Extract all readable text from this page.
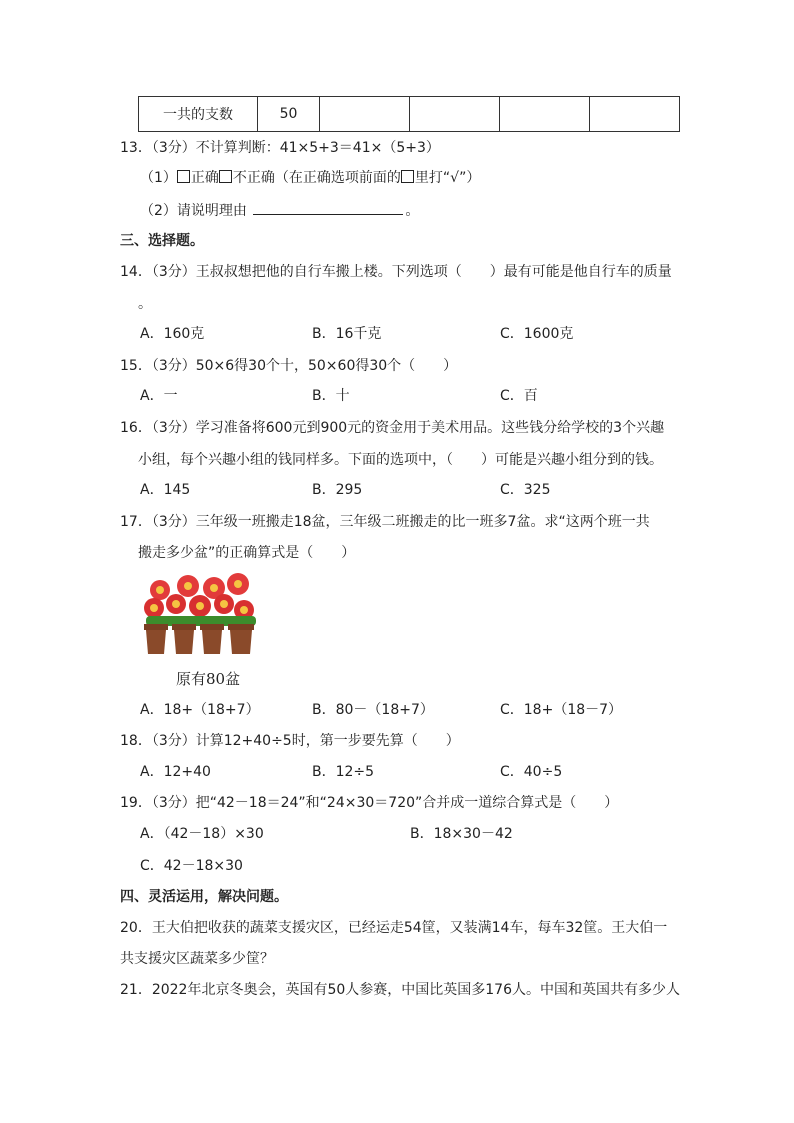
一共的支数	50				
13．（3分）不计算判断：41×5+3＝41×（5+3）
（1） 正确 不正确（在正确选项前面的 里打“√”）
（2）请说明理由	。
三、选择题。
14．（3分）王叔叔想把他的自行车搬上楼。下列选项（　　）最有可能是他自行车的质量
。
A．160克	B．16千克	C．1600克
15．（3分）50×6得30个十，50×60得30个（　　）
A．一	B．十	C．百
16．（3分）学习准备将600元到900元的资金用于美术用品。这些钱分给学校的3个兴趣
小组，每个兴趣小组的钱同样多。下面的选项中，（　　）可能是兴趣小组分到的钱。
A．145	B．295	C．325
17．（3分）三年级一班搬走18盆，三年级二班搬走的比一班多7盆。求“这两个班一共
搬走多少盆”的正确算式是（　　）
原有80盆
A．18+（18+7）	B．80－（18+7）	C．18+（18－7）
18．（3分）计算12+40÷5时，第一步要先算（　　）
A．12+40	B．12÷5	C．40÷5
19．（3分）把“42－18＝24”和“24×30＝720”合并成一道综合算式是（　　）
A．（42－18）×30	B．18×30－42
C．42－18×30
四、灵活运用，解决问题。
20．王大伯把收获的蔬菜支援灾区，已经运走54筐，又装满14车，每车32筐。王大伯一
共支援灾区蔬菜多少筐？
21．2022年北京冬奥会，英国有50人参赛，中国比英国多176人。中国和英国共有多少人
